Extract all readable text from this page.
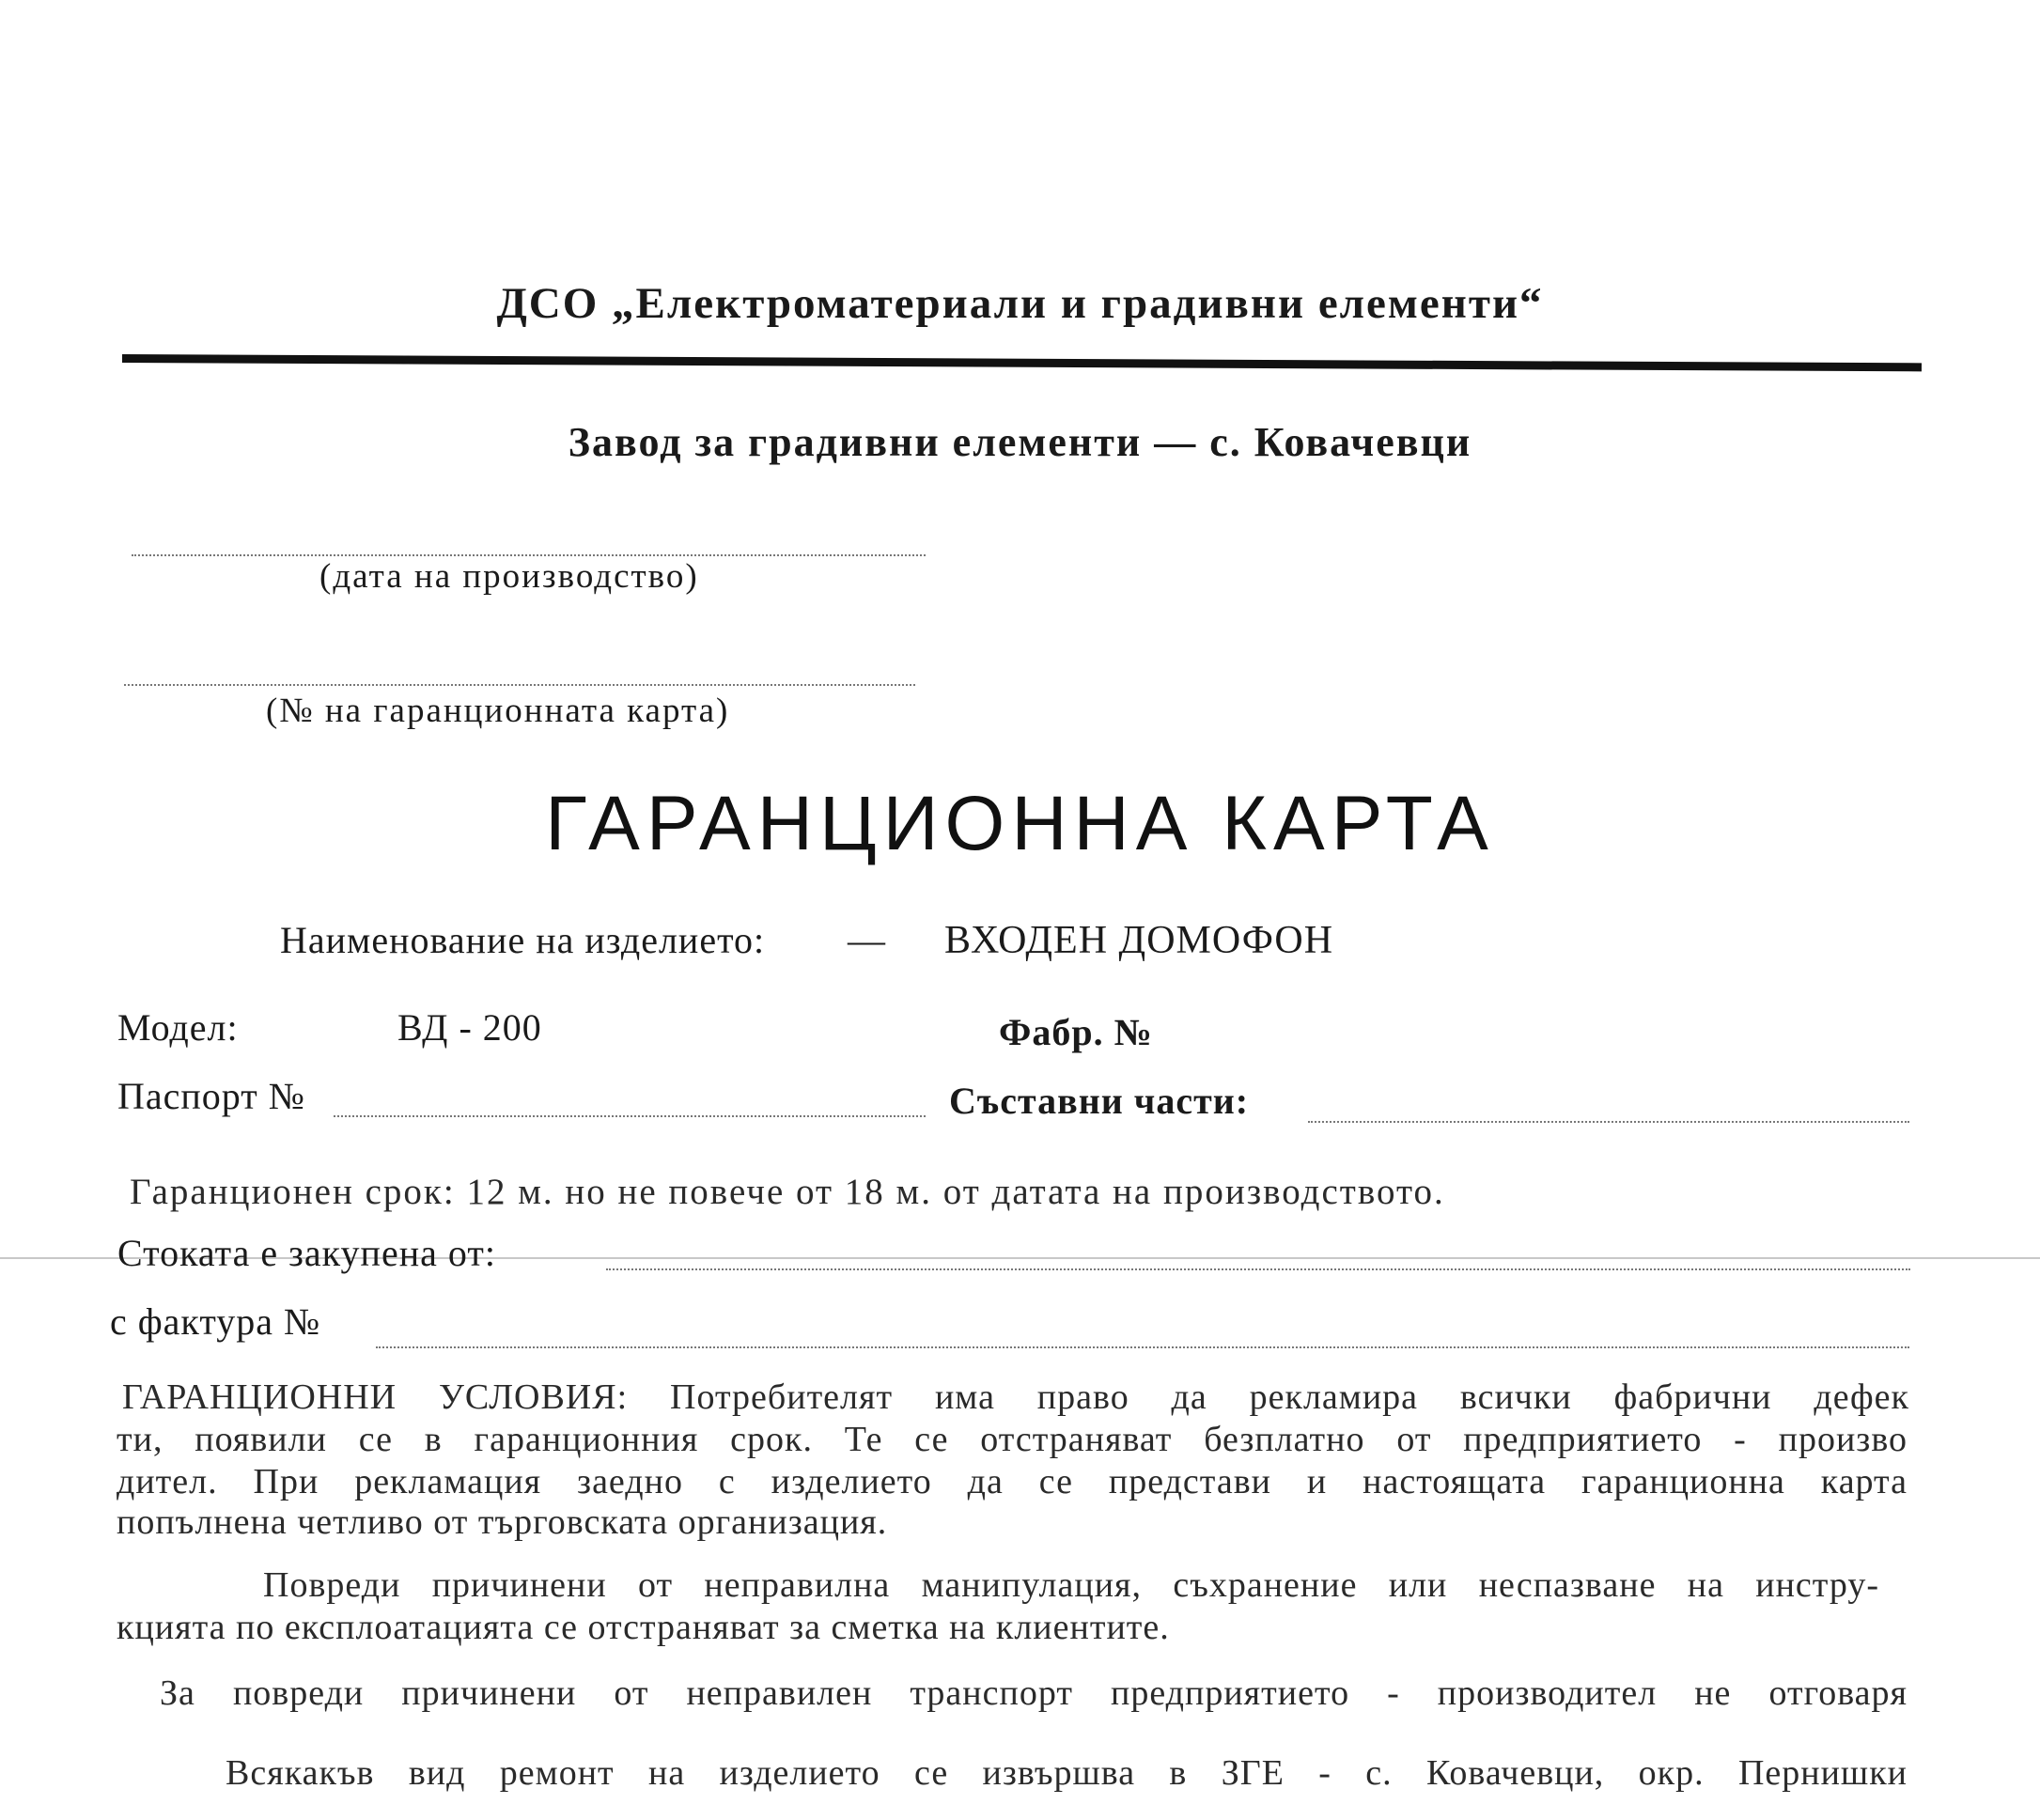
ДСО „Електроматериали и градивни елементи“
Завод за градивни елементи — с. Ковачевци
(дата на производство)
(№ на гаранционната карта)
ГАРАНЦИОННА КАРТА
Наименование на изделието: — ВХОДЕН ДОМОФОН
Модел:	ВД - 200	Фабр. №
Паспорт №	Съставни части:
Гаранционен срок: 12 м. но не повече от 18 м. от датата на производството.
Стоката е закупена от:
с фактура №
ГАРАНЦИОННИ УСЛОВИЯ: Потребителят има право да рекламира всички фабрични дефек
ти, появили се в гаранционния срок. Те се отстраняват безплатно от предприятието - произво
дител. При рекламация заедно с изделието да се представи и настоящата гаранционна карта
попълнена четливо от търговската организация.
Повреди причинени от неправилна манипулация, съхранение или неспазване на инстру-
кцията по експлоатацията се отстраняват за сметка на клиентите.
За повреди причинени от неправилен транспорт предприятието - производител не отговаря
Всякакъв вид ремонт на изделието се извършва в ЗГЕ - с. Ковачевци, окр. Пернишки
